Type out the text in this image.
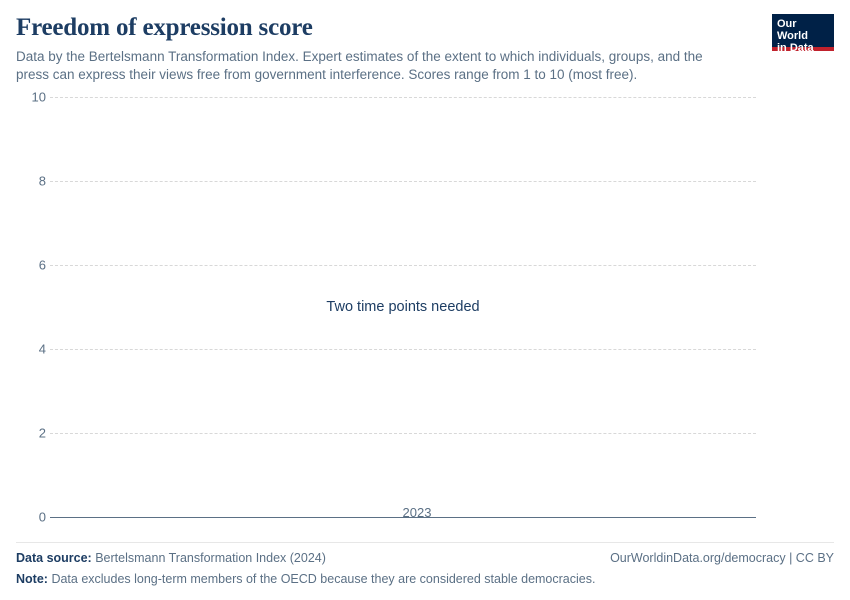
Freedom of expression score

Data by the Bertelsmann Transformation Index. Expert estimates of the extent to which individuals, groups, and the press can express their views free from government interference. Scores range from 1 to 10 (most free).

Our World
in Data
Two time points needed
10
8
6
4
2
0	2023
Data source: Bertelsmann Transformation Index (2024)	OurWorldinData.org/democracy | CC BY
Note: Data excludes long-term members of the OECD because they are considered stable democracies.
